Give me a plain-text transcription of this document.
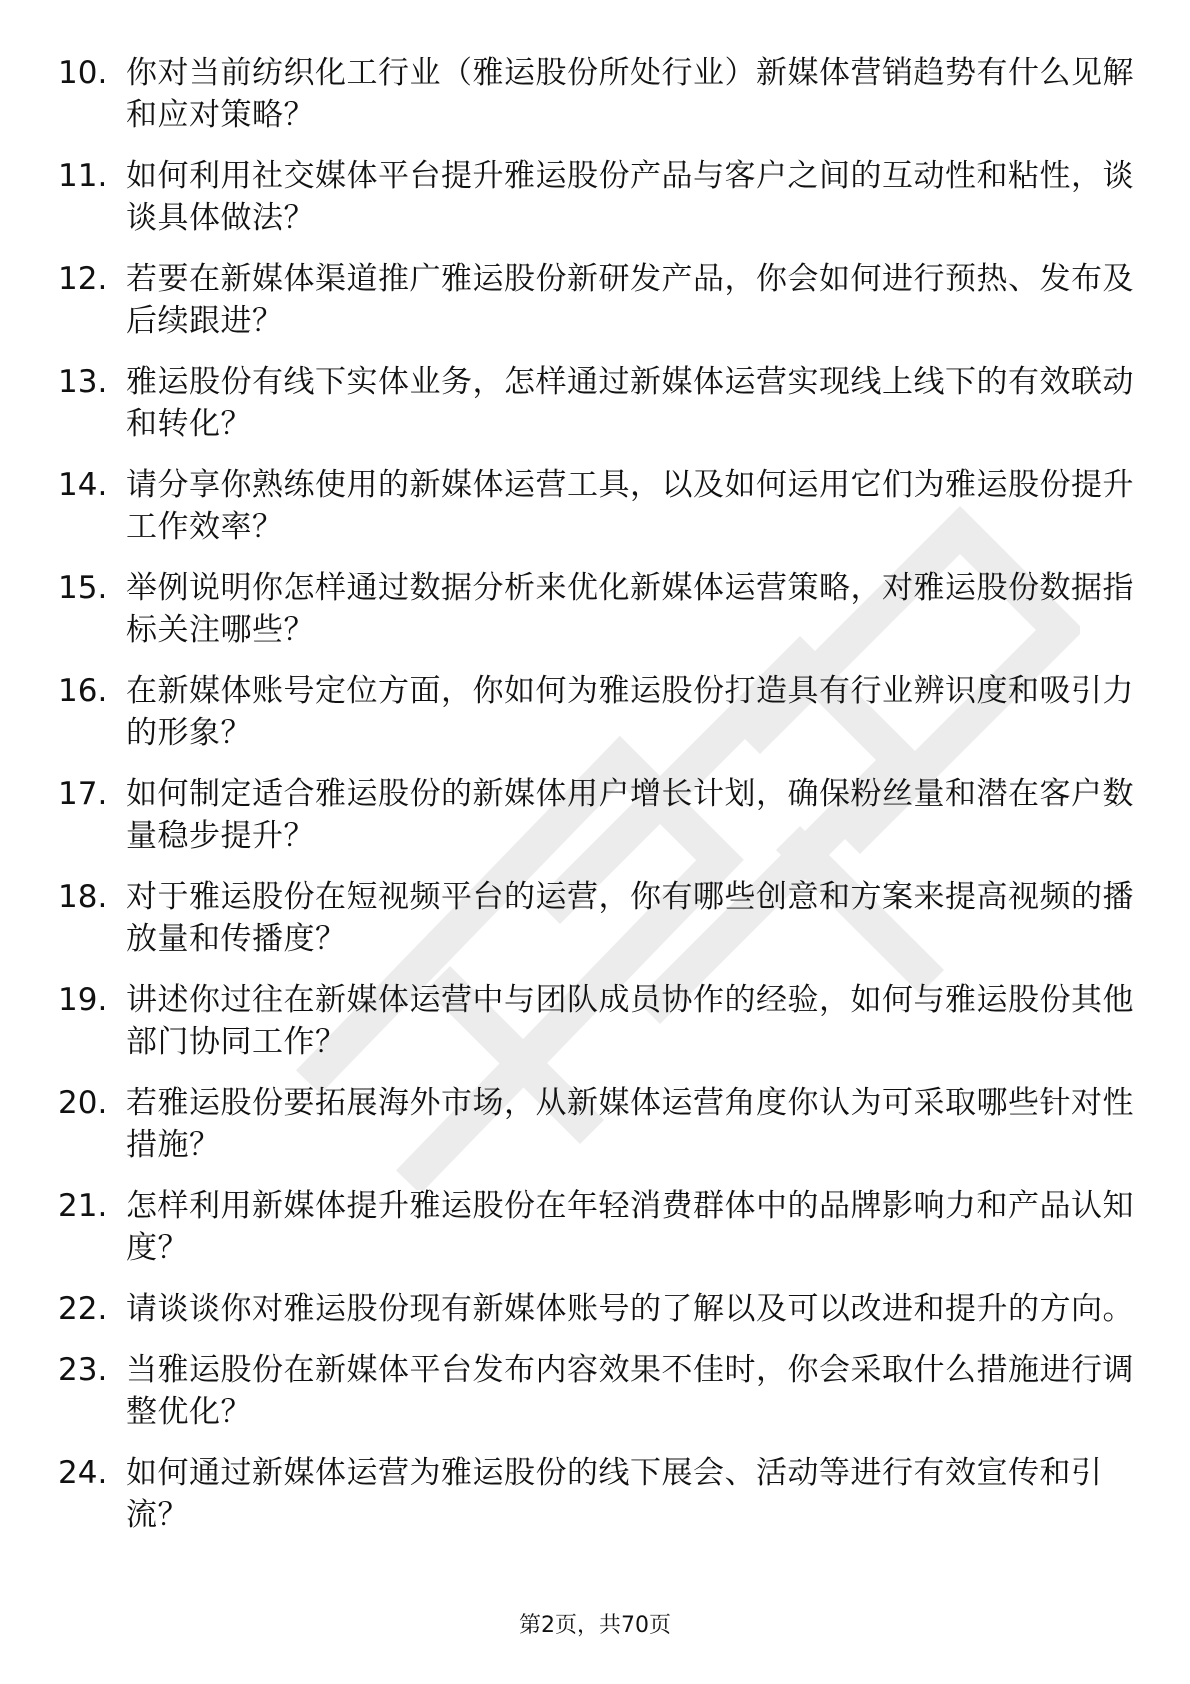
10. 你对当前纺织化工行业（雅运股份所处行业）新媒体营销趋势有什么见解和应对策略？
11. 如何利用社交媒体平台提升雅运股份产品与客户之间的互动性和粘性，谈谈具体做法？
12. 若要在新媒体渠道推广雅运股份新研发产品，你会如何进行预热、发布及后续跟进？
13. 雅运股份有线下实体业务，怎样通过新媒体运营实现线上线下的有效联动和转化？
14. 请分享你熟练使用的新媒体运营工具，以及如何运用它们为雅运股份提升工作效率？
15. 举例说明你怎样通过数据分析来优化新媒体运营策略，对雅运股份数据指标关注哪些？
16. 在新媒体账号定位方面，你如何为雅运股份打造具有行业辨识度和吸引力的形象？
17. 如何制定适合雅运股份的新媒体用户增长计划，确保粉丝量和潜在客户数量稳步提升？
18. 对于雅运股份在短视频平台的运营，你有哪些创意和方案来提高视频的播放量和传播度？
19. 讲述你过往在新媒体运营中与团队成员协作的经验，如何与雅运股份其他部门协同工作？
20. 若雅运股份要拓展海外市场，从新媒体运营角度你认为可采取哪些针对性措施？
21. 怎样利用新媒体提升雅运股份在年轻消费群体中的品牌影响力和产品认知度？
22. 请谈谈你对雅运股份现有新媒体账号的了解以及可以改进和提升的方向。
23. 当雅运股份在新媒体平台发布内容效果不佳时，你会采取什么措施进行调整优化？
24. 如何通过新媒体运营为雅运股份的线下展会、活动等进行有效宣传和引流？
第2页，共70页
